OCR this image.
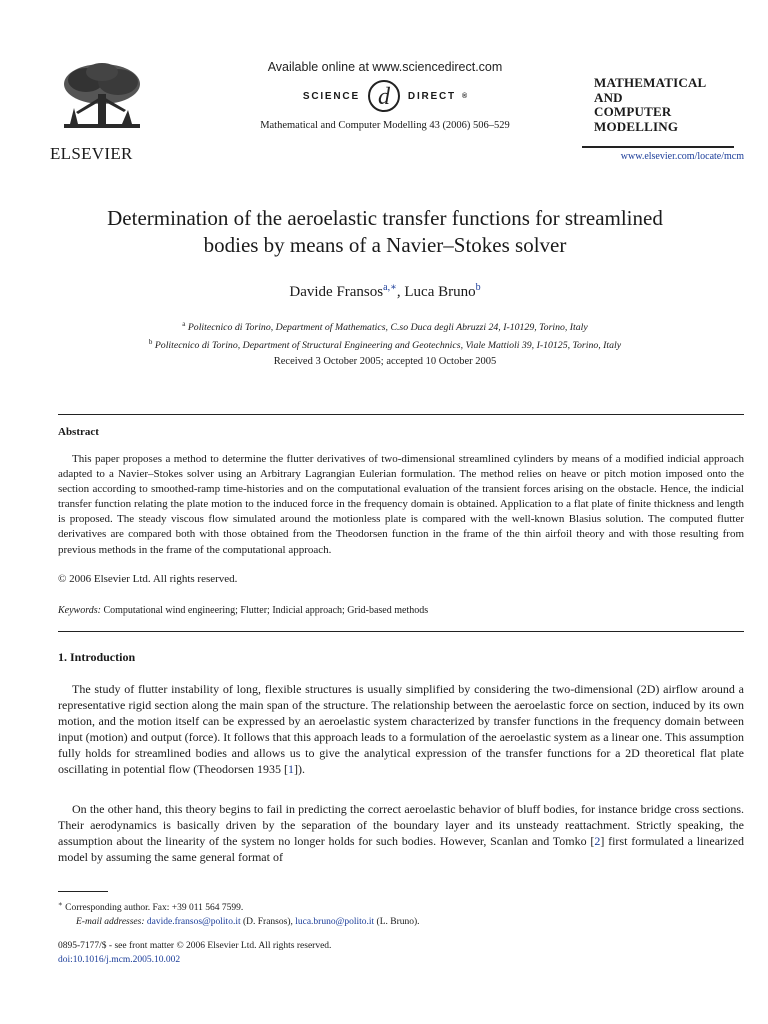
ELSEVIER
Available online at www.sciencedirect.com
SCIENCE d DIRECT ®
Mathematical and Computer Modelling 43 (2006) 506–529
MATHEMATICAL
AND
COMPUTER
MODELLING
www.elsevier.com/locate/mcm
Determination of the aeroelastic transfer functions for streamlined
bodies by means of a Navier–Stokes solver
Davide Fransos$^{a,∗}$, Luca Bruno$^b$
$^a$ Politecnico di Torino, Department of Mathematics, C.so Duca degli Abruzzi 24, I-10129, Torino, Italy
$^b$ Politecnico di Torino, Department of Structural Engineering and Geotechnics, Viale Mattioli 39, I-10125, Torino, Italy
Received 3 October 2005; accepted 10 October 2005
Abstract
This paper proposes a method to determine the flutter derivatives of two-dimensional streamlined cylinders by means of a modified indicial approach adapted to a Navier–Stokes solver using an Arbitrary Lagrangian Eulerian formulation. The method relies on heave or pitch motion imposed onto the section according to smoothed-ramp time-histories and on the computational evaluation of the transient forces arising on the obstacle. Hence, the indicial transfer function relating the plate motion to the induced force in the frequency domain is obtained. Application to a flat plate of finite thickness and length is proposed. The steady viscous flow simulated around the motionless plate is compared with the well-known Blasius solution. The computed flutter derivatives are compared both with those obtained from the Theodorsen function in the frame of the thin airfoil theory and with those resulting from previous methods in the frame of the computational approach.
© 2006 Elsevier Ltd. All rights reserved.
Keywords: Computational wind engineering; Flutter; Indicial approach; Grid-based methods
1. Introduction
The study of flutter instability of long, flexible structures is usually simplified by considering the two-dimensional (2D) airflow around a representative rigid section along the main span of the structure. The relationship between the aeroelastic force on section, induced by its own motion, and the motion itself can be expressed by an aeroelastic system characterized by transfer functions in the frequency domain between input (motion) and output (force). It follows that this approach leads to a formulation of the aeroelastic system as a linear one. This assumption fully holds for streamlined bodies and allows us to give the analytical expression of the transfer functions for a 2D theoretical flat plate oscillating in potential flow (Theodorsen 1935 [1]).
On the other hand, this theory begins to fail in predicting the correct aeroelastic behavior of bluff bodies, for instance bridge cross sections. Their aerodynamics is basically driven by the separation of the boundary layer and its unsteady reattachment. Strictly speaking, the assumption about the linearity of the system no longer holds for such bodies. However, Scanlan and Tomko [2] first formulated a linearized model by assuming the same general format of
∗ Corresponding author. Fax: +39 011 564 7599.
E-mail addresses: davide.fransos@polito.it (D. Fransos), luca.bruno@polito.it (L. Bruno).
0895-7177/$ - see front matter © 2006 Elsevier Ltd. All rights reserved.
doi:10.1016/j.mcm.2005.10.002
